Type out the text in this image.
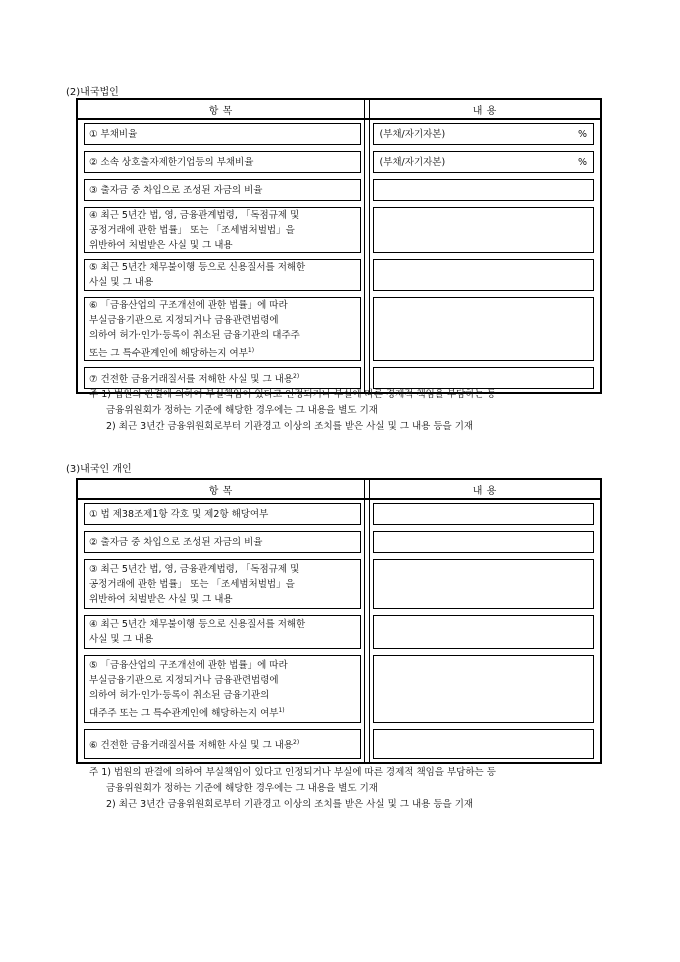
(2)내국법인
항 목		내 용

① 부채비율		(부채/자기자본) %

② 소속 상호출자제한기업등의 부채비율		(부채/자기자본) %

③ 출자금 중 차입으로 조성된 자금의 비율		

④ 최근 5년간 법, 영, 금융관계법령, 「독점규제 및
공정거래에 관한 법률」 또는 「조세범처벌법」을
위반하여 처벌받은 사실 및 그 내용		

⑤ 최근 5년간 채무불이행 등으로 신용질서를 저해한
사실 및 그 내용		

⑥ 「금융산업의 구조개선에 관한 법률」에 따라
부실금융기관으로 지정되거나 금융관련법령에
의하여 허가·인가·등록이 취소된 금융기관의 대주주
또는 그 특수관계인에 해당하는지 여부$^{1)}$

⑦ 건전한 금융거래질서를 저해한 사실 및 그 내용$^{2)}$

주 1) 법원의 판결에 의하여 부실책임이 있다고 인정되거나 부실에 따른 경제적 책임을 부담하는 등
금융위원회가 정하는 기준에 해당한 경우에는 그 내용을 별도 기재
2) 최근 3년간 금융위원회로부터 기관경고 이상의 조치를 받은 사실 및 그 내용 등을 기재
(3)내국인 개인
항 목		내 용

① 법 제38조제1항 각호 및 제2항 해당여부		

② 출자금 중 차입으로 조성된 자금의 비율		

③ 최근 5년간 법, 영, 금융관계법령, 「독점규제 및
공정거래에 관한 법률」 또는 「조세범처벌법」을
위반하여 처벌받은 사실 및 그 내용		

④ 최근 5년간 채무불이행 등으로 신용질서를 저해한
사실 및 그 내용		

⑤ 「금융산업의 구조개선에 관한 법률」에 따라
부실금융기관으로 지정되거나 금융관련법령에
의하여 허가·인가·등록이 취소된 금융기관의
대주주 또는 그 특수관계인에 해당하는지 여부$^{1)}$

⑥ 건전한 금융거래질서를 저해한 사실 및 그 내용$^{2)}$

주 1) 법원의 판결에 의하여 부실책임이 있다고 인정되거나 부실에 따른 경제적 책임을 부담하는 등
금융위원회가 정하는 기준에 해당한 경우에는 그 내용을 별도 기재
2) 최근 3년간 금융위원회로부터 기관경고 이상의 조치를 받은 사실 및 그 내용 등을 기재
